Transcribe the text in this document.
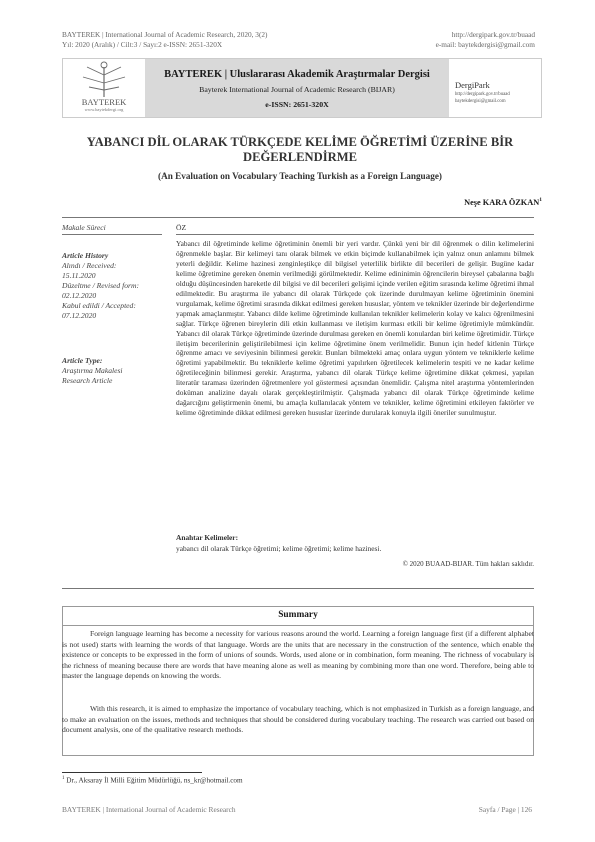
BAYTEREK | International Journal of Academic Research, 2020, 3(2)
Yıl: 2020 (Aralık) / Cilt:3 / Sayı:2 e-ISSN: 2651-320X
http://dergipark.gov.tr/buaad
e-mail: baytekdergisi@gmail.com
BAYTEREK
www.baytekdergi.org
BAYTEREK | Uluslararası Akademik Araştırmalar Dergisi
Bayterek International Journal of Academic Research (BIJAR)
e-ISSN: 2651-320X
DergiPark
http://dergipark.gov.tr/buaad
baytekdergisi@gmail.com
YABANCI DİL OLARAK TÜRKÇEDE KELİME ÖĞRETİMİ ÜZERİNE BİR DEĞERLENDİRME
(An Evaluation on Vocabulary Teaching Turkish as a Foreign Language)
Neşe KARA ÖZKAN$^1$
Makale Süreci
Article History
Alındı / Received:
15.11.2020
Düzeltme / Revised form:
02.12.2020
Kabul edildi / Accepted:
07.12.2020
Article Type:
Araştırma Makalesi
Research Article
ÖZ
Yabancı dil öğretiminde kelime öğretiminin önemli bir yeri vardır. Çünkü yeni bir dil öğrenmek o dilin kelimelerini öğrenmekle başlar. Bir kelimeyi tanı olarak bilmek ve etkin biçimde kullanabilmek için yalnız onun anlamını bilmek yeterli değildir. Kelime hazinesi zenginleştikçe dil bilgisel yeterlilik birlikte dil becerileri de gelişir. Bugüne kadar kelime öğretimine gereken önemin verilmediği görülmektedir. Kelime edininimin öğrencilerin bireysel çabalarına bağlı olduğu düşüncesinden hareketle dil bilgisi ve dil becerileri gelişimi içinde verilen eğitim sırasında kelime öğretimi ihmal edilmektedir. Bu araştırma ile yabancı dil olarak Türkçede çok üzerinde durulmayan kelime öğretiminin önemini vurgulamak, kelime öğretimi sırasında dikkat edilmesi gereken hususlar, yöntem ve teknikler üzerinde bir değerlendirme yapmak amaçlanmıştır. Yabancı dilde kelime öğretiminde kullanılan teknikler kelimelerin kolay ve kalıcı öğrenilmesini sağlar. Türkçe öğrenen bireylerin dili etkin kullanması ve iletişim kurması etkili bir kelime öğretimiyle mümkündür. Yabancı dil olarak Türkçe öğretiminde üzerinde durulması gereken en önemli konulardan biri kelime öğretimidir. Türkçe iletişim becerilerinin geliştirilebilmesi için kelime öğretimine önem verilmelidir. Bunun için hedef kitlenin Türkçe öğrenme amacı ve seviyesinin bilinmesi gerekir. Bunları bilmekteki amaç onlara uygun yöntem ve tekniklerle kelime öğretimi yapabilmektir. Bu tekniklerle kelime öğretimi yapılırken öğretilecek kelimelerin tespiti ve ne kadar kelime öğretileceğinin bilinmesi gerekir. Araştırma, yabancı dil olarak Türkçe kelime öğretimine dikkat çekmesi, yapılan literatür taraması üzerinden öğretmenlere yol göstermesi açısından önemlidir. Çalışma nitel araştırma yöntemlerinden doküman analizine dayalı olarak gerçekleştirilmiştir. Çalışmada yabancı dil olarak Türkçe öğretiminde kelime dağarcığını geliştirmenin önemi, bu amaçla kullanılacak yöntem ve teknikler, kelime öğretimini etkileyen faktörler ve kelime öğretiminde dikkat edilmesi gereken hususlar üzerinde durularak konuyla ilgili öneriler sunulmuştur.
Anahtar Kelimeler:
yabancı dil olarak Türkçe öğretimi; kelime öğretimi; kelime hazinesi.
© 2020 BUAAD-BIJAR. Tüm hakları saklıdır.
Summary
Foreign language learning has become a necessity for various reasons around the world. Learning a foreign language first (if a different alphabet is not used) starts with learning the words of that language. Words are the units that are necessary in the construction of the sentence, which enable the existence or concepts to be expressed in the form of unions of sounds. Words, used alone or in combination, form meaning. The richness of vocabulary is the richness of meaning because there are words that have meaning alone as well as meaning by combining more than one word. Therefore, being able to master the language depends on knowing the words.
With this research, it is aimed to emphasize the importance of vocabulary teaching, which is not emphasized in Turkish as a foreign language, and to make an evaluation on the issues, methods and techniques that should be considered during vocabulary teaching. The research was carried out based on document analysis, one of the qualitative research methods.
$^1$ Dr., Aksaray İl Milli Eğitim Müdürlüğü, ns_kr@hotmail.com
BAYTEREK | International Journal of Academic Research	Sayfa / Page | 126
